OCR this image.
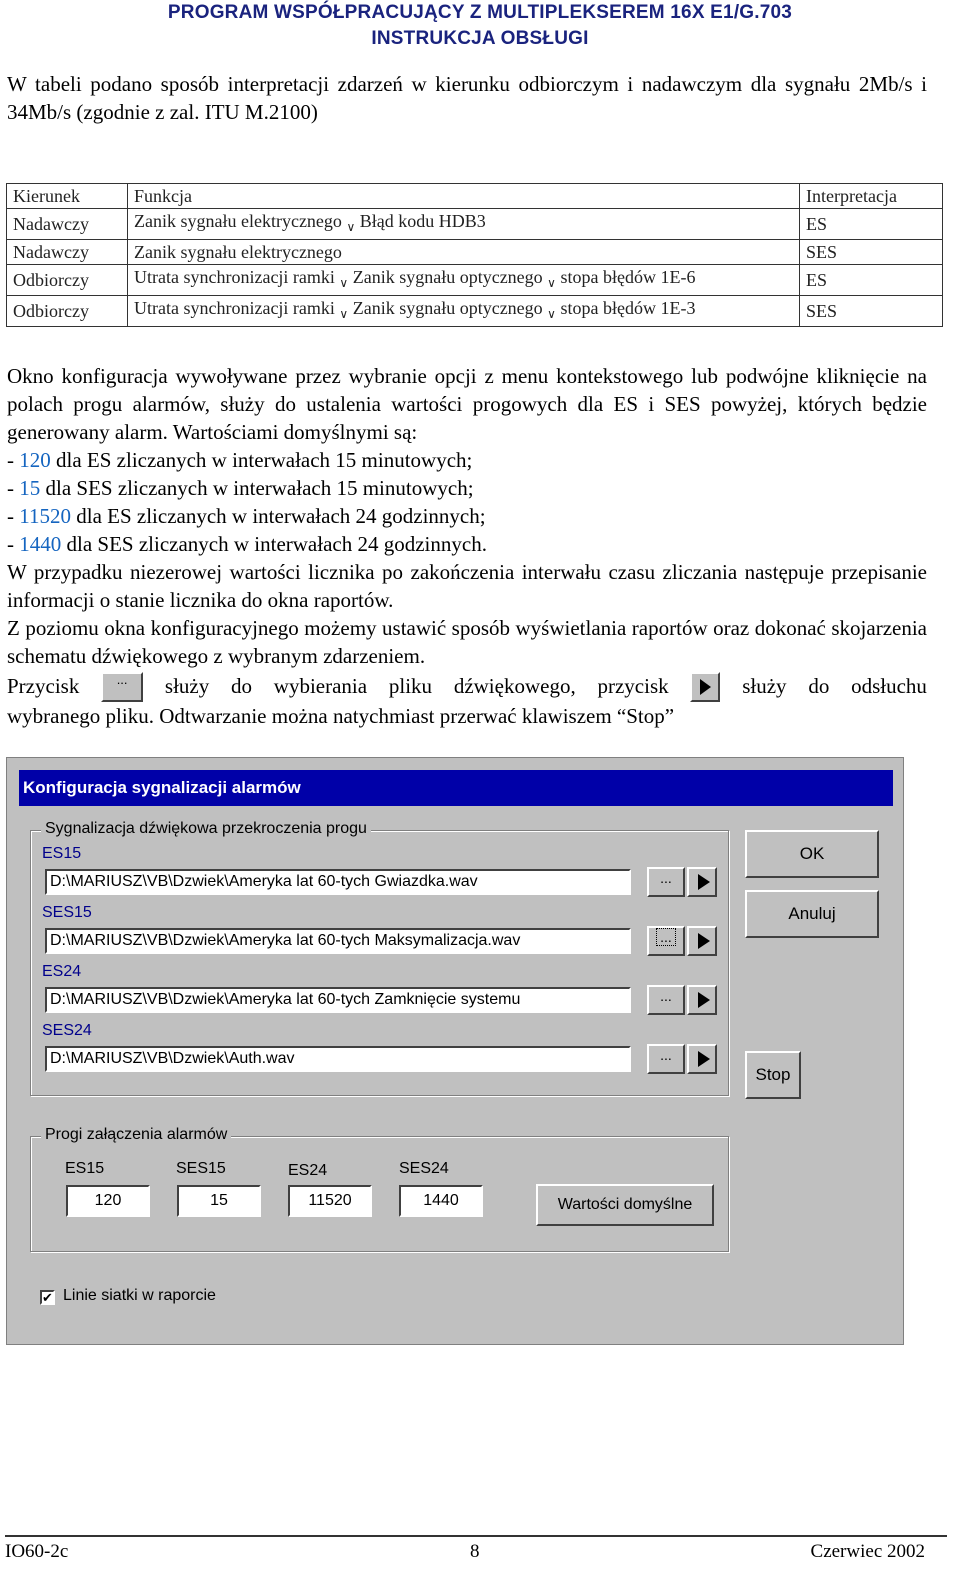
PROGRAM WSPÓŁPRACUJĄCY Z MULTIPLEKSEREM 16X E1/G.703
INSTRUKCJA OBSŁUGI
W tabeli podano sposób interpretacji zdarzeń w kierunku odbiorczym i nadawczym dla sygnału 2Mb/s i 34Mb/s (zgodnie z zal. ITU M.2100)
Kierunek	Funkcja	Interpretacja
Nadawczy	Zanik sygnału elektrycznego $_\vee$ Błąd kodu HDB3	ES
Nadawczy	Zanik sygnału elektrycznego	SES
Odbiorczy	Utrata synchronizacji ramki $_\vee$ Zanik sygnału optycznego $_\vee$ stopa błędów 1E-6	ES
Odbiorczy	Utrata synchronizacji ramki $_\vee$ Zanik sygnału optycznego $_\vee$ stopa błędów 1E-3	SES
Okno konfiguracja wywoływane przez wybranie opcji z menu kontekstowego lub podwójne kliknięcie na polach progu alarmów, służy do ustalenia wartości progowych dla ES i SES powyżej, których będzie generowany alarm. Wartościami domyślnymi są:
- 120 dla ES zliczanych w interwałach 15 minutowych;
- 15 dla SES zliczanych w interwałach 15 minutowych;
- 11520 dla ES zliczanych w interwałach 24 godzinnych;
- 1440 dla SES zliczanych w interwałach 24 godzinnych.
W przypadku niezerowej wartości licznika po zakończenia interwału czasu zliczania następuje przepisanie informacji o stanie licznika do okna raportów.
Z poziomu okna konfiguracyjnego możemy ustawić sposób wyświetlania raportów oraz dokonać skojarzenia schematu dźwiękowego z wybranym zdarzeniem.
Przycisk	...	służy do wybierania pliku dźwiękowego, przycisk	służy do odsłuchu
wybranego pliku. Odtwarzanie można natychmiast przerwać klawiszem “Stop”
Konfiguracja sygnalizacji alarmów
Sygnalizacja dźwiękowa przekroczenia progu
ES15
D:\MARIUSZ\VB\Dzwiek\Ameryka lat 60-tych Gwiazdka.wav	...
SES15
D:\MARIUSZ\VB\Dzwiek\Ameryka lat 60-tych Maksymalizacja.wav	...
ES24
D:\MARIUSZ\VB\Dzwiek\Ameryka lat 60-tych Zamknięcie systemu	...
SES24
D:\MARIUSZ\VB\Dzwiek\Auth.wav	...
OK
Anuluj
Stop
Progi załączenia alarmów
ES15
120
SES15
15
ES24
11520
SES24
1440	Wartości domyślne
✔ Linie siatki w raporcie
IO60-2c	8	Czerwiec 2002
